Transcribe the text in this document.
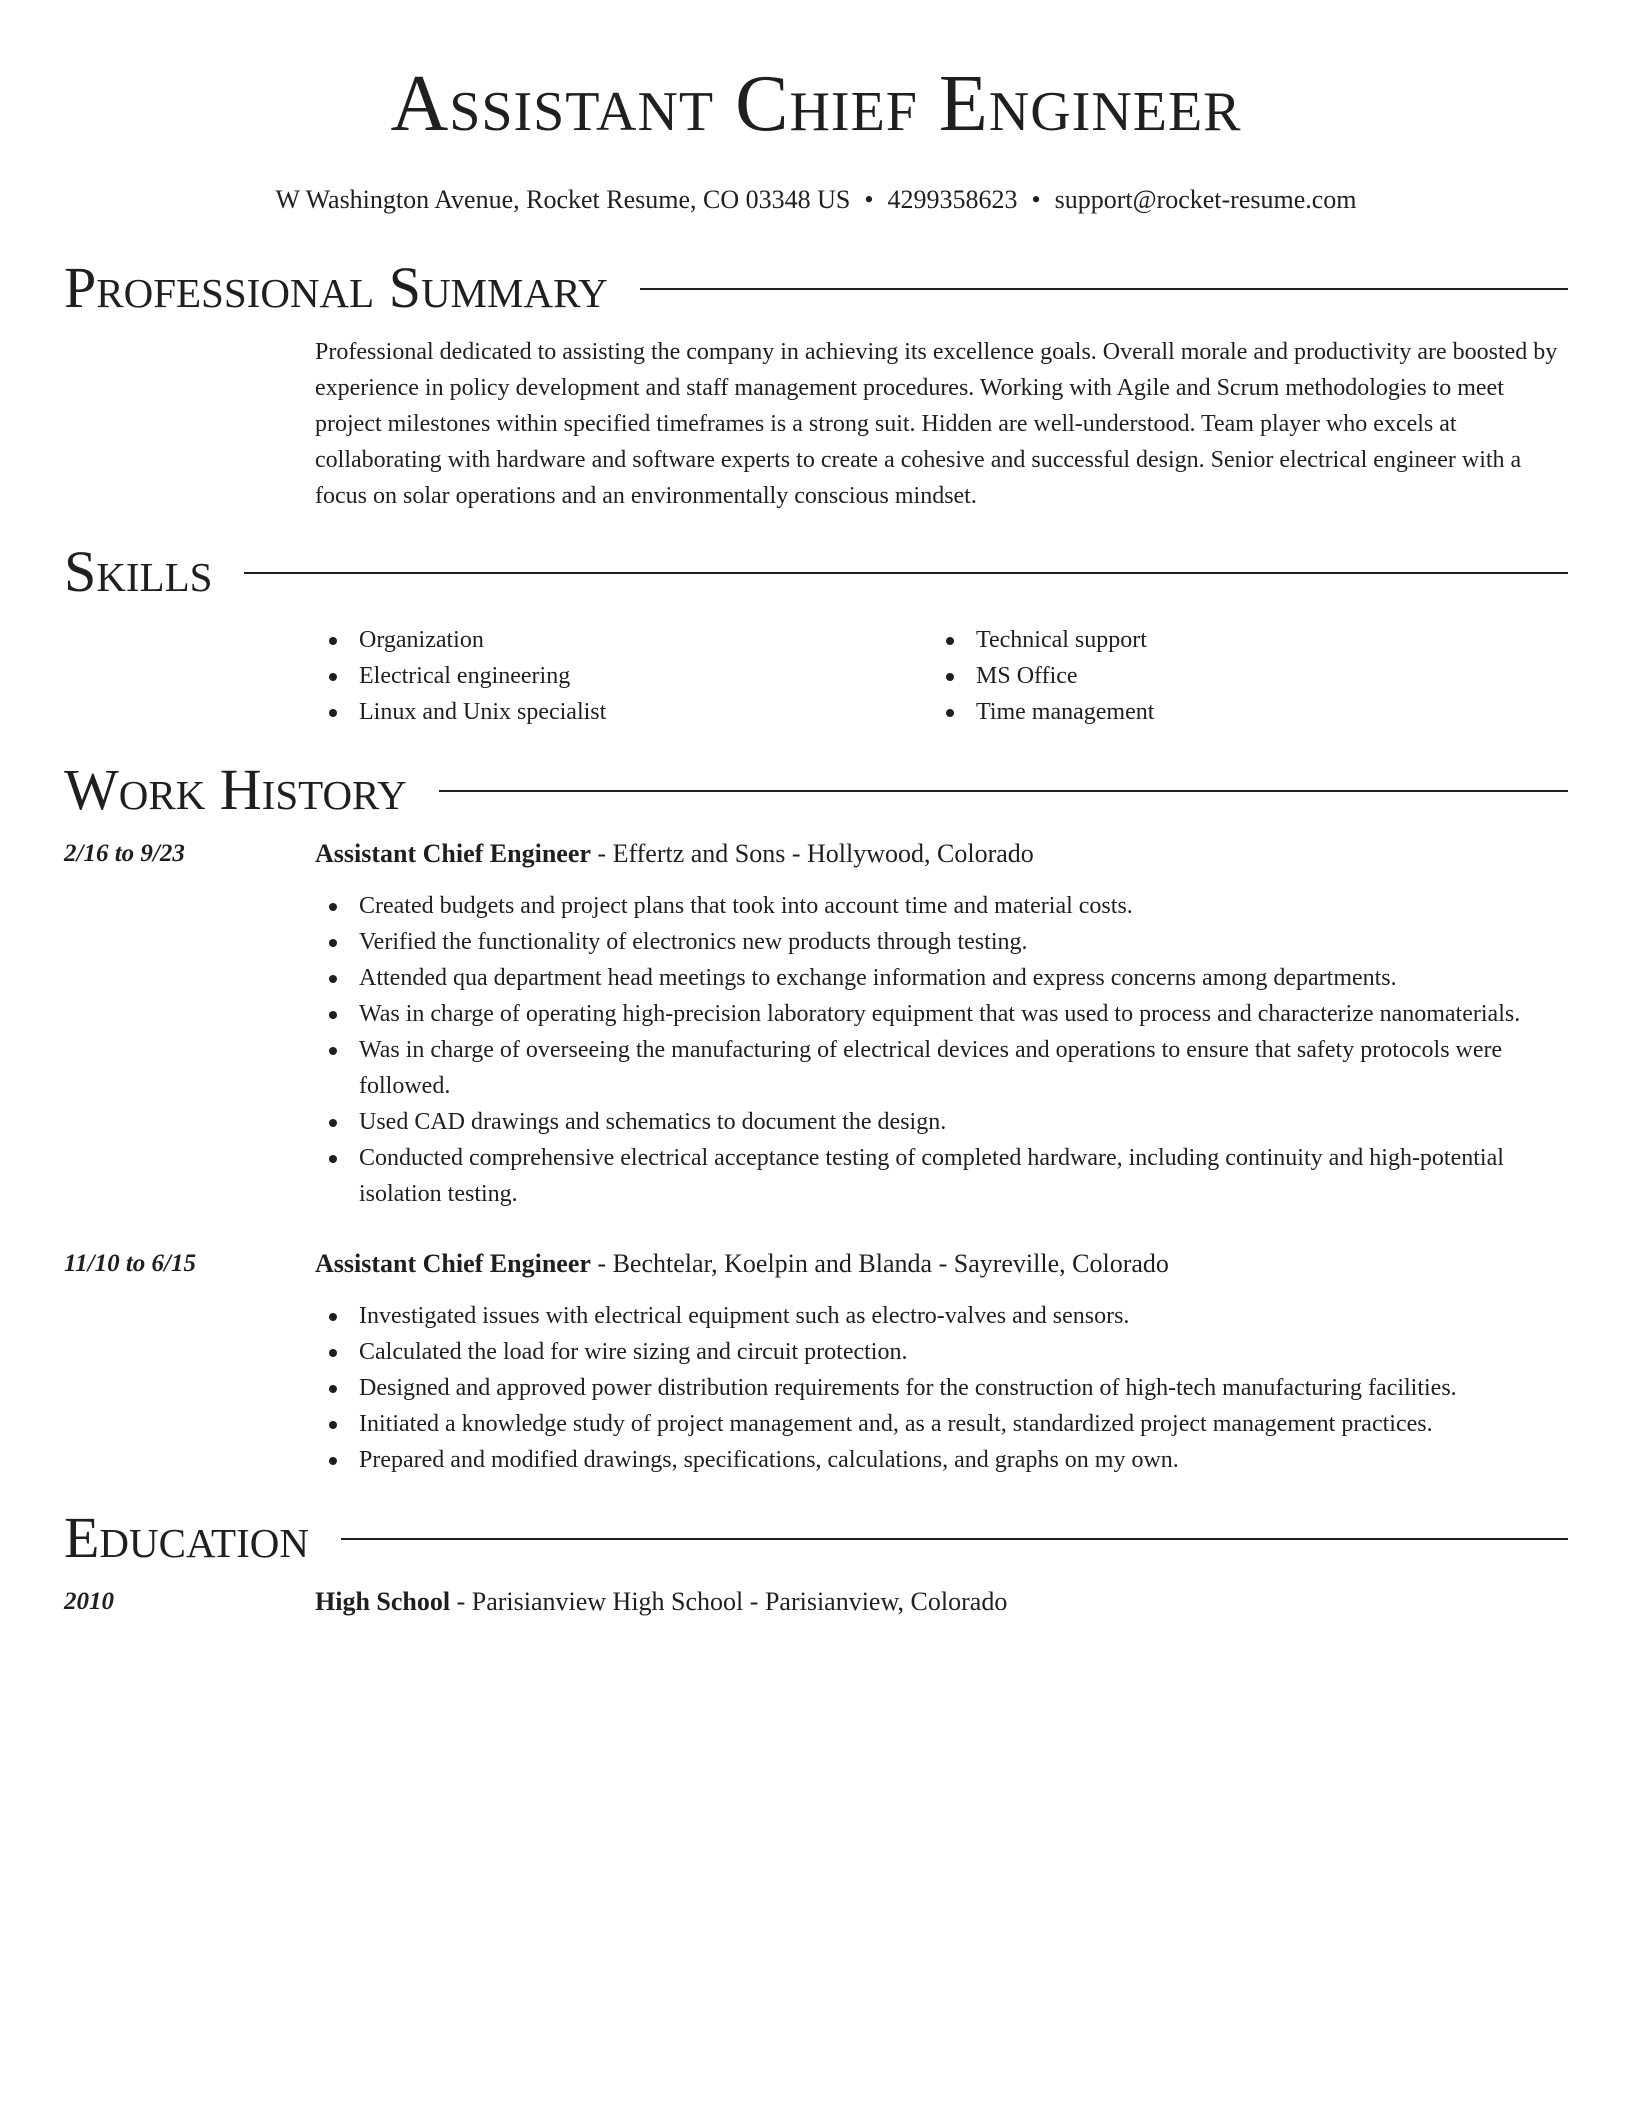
Assistant Chief Engineer
W Washington Avenue, Rocket Resume, CO 03348 US • 4299358623 • support@rocket-resume.com
Professional Summary

Professional dedicated to assisting the company in achieving its excellence goals. Overall morale and productivity are boosted by experience in policy development and staff management procedures. Working with Agile and Scrum methodologies to meet project milestones within specified timeframes is a strong suit. Hidden are well-understood. Team player who excels at collaborating with hardware and software experts to create a cohesive and successful design. Senior electrical engineer with a focus on solar operations and an environmentally conscious mindset.

Skills
Organization
Electrical engineering
Linux and Unix specialist
Technical support
MS Office
Time management
Work History
2/16 to 9/23	Assistant Chief Engineer - Effertz and Sons - Hollywood, Colorado
Created budgets and project plans that took into account time and material costs.
Verified the functionality of electronics new products through testing.
Attended qua department head meetings to exchange information and express concerns among departments.
Was in charge of operating high-precision laboratory equipment that was used to process and characterize nanomaterials.
Was in charge of overseeing the manufacturing of electrical devices and operations to ensure that safety protocols were followed.
Used CAD drawings and schematics to document the design.
Conducted comprehensive electrical acceptance testing of completed hardware, including continuity and high-potential isolation testing.
11/10 to 6/15	Assistant Chief Engineer - Bechtelar, Koelpin and Blanda - Sayreville, Colorado
Investigated issues with electrical equipment such as electro-valves and sensors.
Calculated the load for wire sizing and circuit protection.
Designed and approved power distribution requirements for the construction of high-tech manufacturing facilities.
Initiated a knowledge study of project management and, as a result, standardized project management practices.
Prepared and modified drawings, specifications, calculations, and graphs on my own.
Education
2010	High School - Parisianview High School - Parisianview, Colorado
